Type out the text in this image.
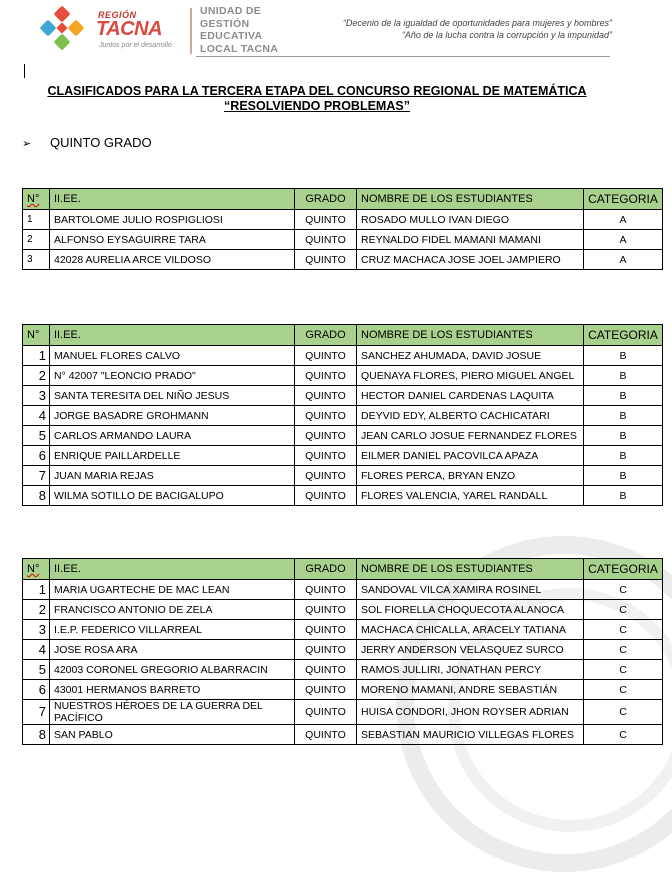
REGIÓN
TACNA
Juntos por el desarrollo
UNIDAD DE
GESTIÓN
EDUCATIVA
LOCAL TACNA
“Decenio de la igualdad de oportunidades para mujeres y hombres”
“Año de la lucha contra la corrupción y la impunidad”
CLASIFICADOS PARA LA TERCERA ETAPA DEL CONCURSO REGIONAL DE MATEMÁTICA
“RESOLVIENDO PROBLEMAS”
➢ QUINTO GRADO
N°	II.EE.	GRADO	NOMBRE DE LOS ESTUDIANTES	CATEGORIA
1	BARTOLOME JULIO ROSPIGLIOSI	QUINTO	ROSADO MULLO IVAN DIEGO	A
2	ALFONSO EYSAGUIRRE TARA	QUINTO	REYNALDO FIDEL MAMANI MAMANI	A
3	42028 AURELIA ARCE VILDOSO	QUINTO	CRUZ MACHACA JOSE JOEL JAMPIERO	A
N°	II.EE.	GRADO	NOMBRE DE LOS ESTUDIANTES	CATEGORIA
1	MANUEL FLORES CALVO	QUINTO	SANCHEZ AHUMADA, DAVID JOSUE	B
2	N° 42007 "LEONCIO PRADO"	QUINTO	QUENAYA FLORES, PIERO MIGUEL ANGEL	B
3	SANTA TERESITA DEL NIÑO JESUS	QUINTO	HECTOR DANIEL CARDENAS LAQUITA	B
4	JORGE BASADRE GROHMANN	QUINTO	DEYVID EDY, ALBERTO CACHICATARI	B
5	CARLOS ARMANDO LAURA	QUINTO	JEAN CARLO JOSUE FERNANDEZ FLORES	B
6	ENRIQUE PAILLARDELLE	QUINTO	EILMER DANIEL PACOVILCA APAZA	B
7	JUAN MARIA REJAS	QUINTO	FLORES PERCA, BRYAN ENZO	B
8	WILMA SOTILLO DE BACIGALUPO	QUINTO	FLORES VALENCIA, YAREL RANDALL	B
N°	II.EE.	GRADO	NOMBRE DE LOS ESTUDIANTES	CATEGORIA
1	MARIA UGARTECHE DE MAC LEAN	QUINTO	SANDOVAL VILCA XAMIRA ROSINEL	C
2	FRANCISCO ANTONIO DE ZELA	QUINTO	SOL FIORELLA CHOQUECOTA ALANOCA	C
3	I.E.P. FEDERICO VILLARREAL	QUINTO	MACHACA CHICALLA, ARACELY TATIANA	C
4	JOSE ROSA ARA	QUINTO	JERRY ANDERSON VELASQUEZ SURCO	C
5	42003 CORONEL GREGORIO ALBARRACIN	QUINTO	RAMOS JULLIRI, JONATHAN PERCY	C
6	43001 HERMANOS BARRETO	QUINTO	MORENO MAMANI, ANDRE SEBASTIÁN	C
7	NUESTROS HÉROES DE LA GUERRA DEL PACÍFICO	QUINTO	HUISA CONDORI, JHON ROYSER ADRIAN	C
8	SAN PABLO	QUINTO	SEBASTIAN MAURICIO VILLEGAS FLORES	C
